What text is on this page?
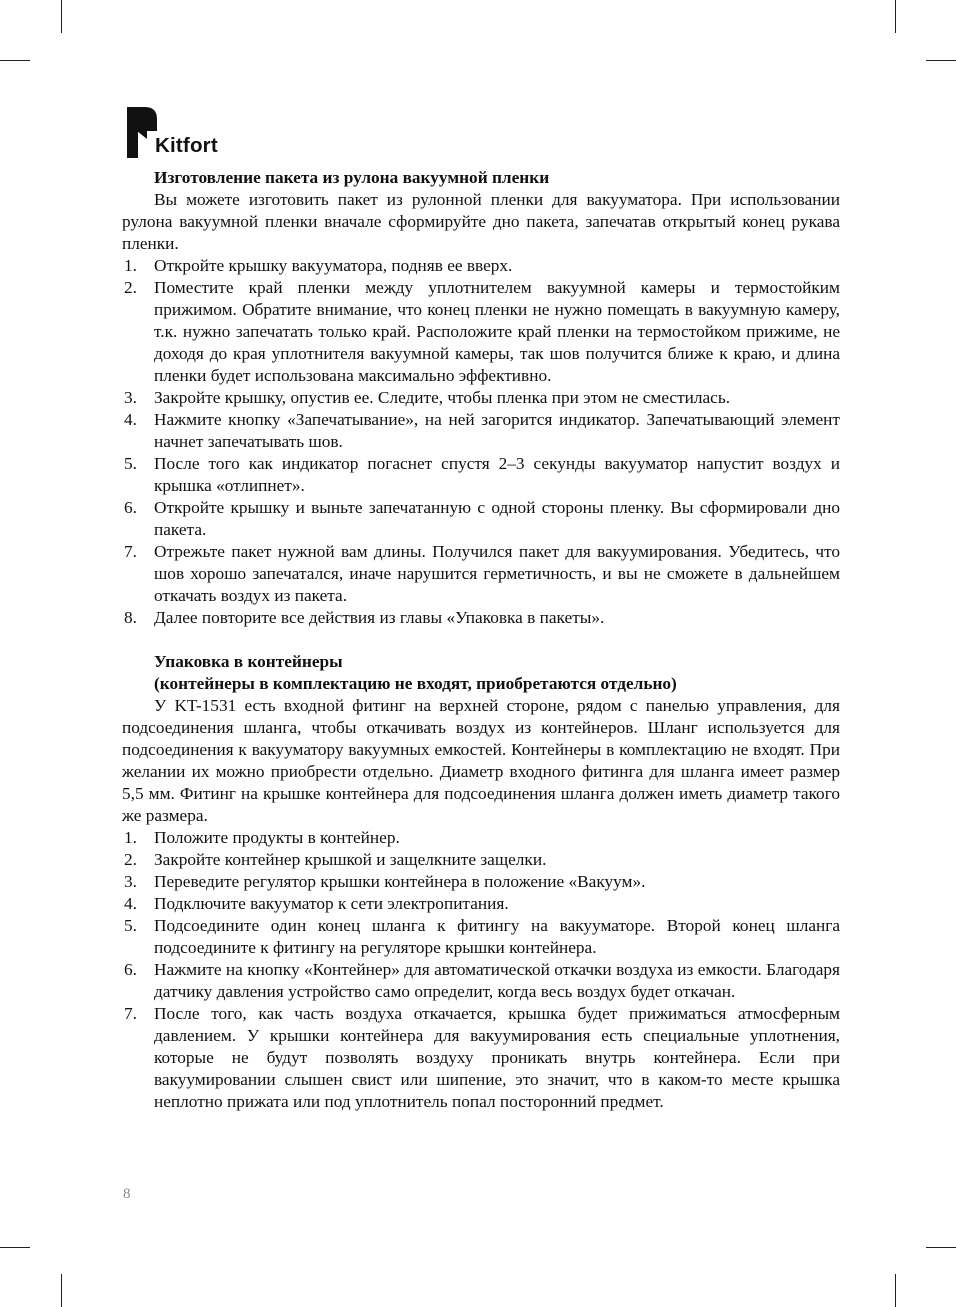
Kitfort

Изготовление пакета из рулона вакуумной пленки

Вы можете изготовить пакет из рулонной пленки для вакууматора. При использовании рулона вакуумной пленки вначале сформируйте дно пакета, запечатав открытый конец рукава пленки.

1. Откройте крышку вакууматора, подняв ее вверх.
2. Поместите край пленки между уплотнителем вакуумной камеры и термостойким прижимом. Обратите внимание, что конец пленки не нужно помещать в вакуумную камеру, т.к. нужно запечатать только край. Расположите край пленки на термостойком прижиме, не доходя до края уплотнителя вакуумной камеры, так шов получится ближе к краю, и длина пленки будет использована максимально эффективно.
3. Закройте крышку, опустив ее. Следите, чтобы пленка при этом не сместилась.
4. Нажмите кнопку «Запечатывание», на ней загорится индикатор. Запечатывающий элемент начнет запечатывать шов.
5. После того как индикатор погаснет спустя 2–3 секунды вакууматор напустит воздух и крышка «отлипнет».
6. Откройте крышку и выньте запечатанную с одной стороны пленку. Вы сформировали дно пакета.
7. Отрежьте пакет нужной вам длины. Получился пакет для вакуумирования. Убедитесь, что шов хорошо запечатался, иначе нарушится герметичность, и вы не сможете в дальнейшем откачать воздух из пакета.
8. Далее повторите все действия из главы «Упаковка в пакеты».

Упаковка в контейнеры

(контейнеры в комплектацию не входят, приобретаются отдельно)

У KT-1531 есть входной фитинг на верхней стороне, рядом с панелью управления, для подсоединения шланга, чтобы откачивать воздух из контейнеров. Шланг используется для подсоединения к вакууматору вакуумных емкостей. Контейнеры в комплектацию не входят. При желании их можно приобрести отдельно. Диаметр входного фитинга для шланга имеет размер 5,5 мм. Фитинг на крышке контейнера для подсоединения шланга должен иметь диаметр такого же размера.

1. Положите продукты в контейнер.
2. Закройте контейнер крышкой и защелкните защелки.
3. Переведите регулятор крышки контейнера в положение «Вакуум».
4. Подключите вакууматор к сети электропитания.
5. Подсоедините один конец шланга к фитингу на вакууматоре. Второй конец шланга подсоедините к фитингу на регуляторе крышки контейнера.
6. Нажмите на кнопку «Контейнер» для автоматической откачки воздуха из емкости. Благодаря датчику давления устройство само определит, когда весь воздух будет откачан.
7. После того, как часть воздуха откачается, крышка будет прижиматься атмосферным давлением. У крышки контейнера для вакуумирования есть специальные уплотнения, которые не будут позволять воздуху проникать внутрь контейнера. Если при вакуумировании слышен свист или шипение, это значит, что в каком-то месте крышка неплотно прижата или под уплотнитель попал посторонний предмет.
8
